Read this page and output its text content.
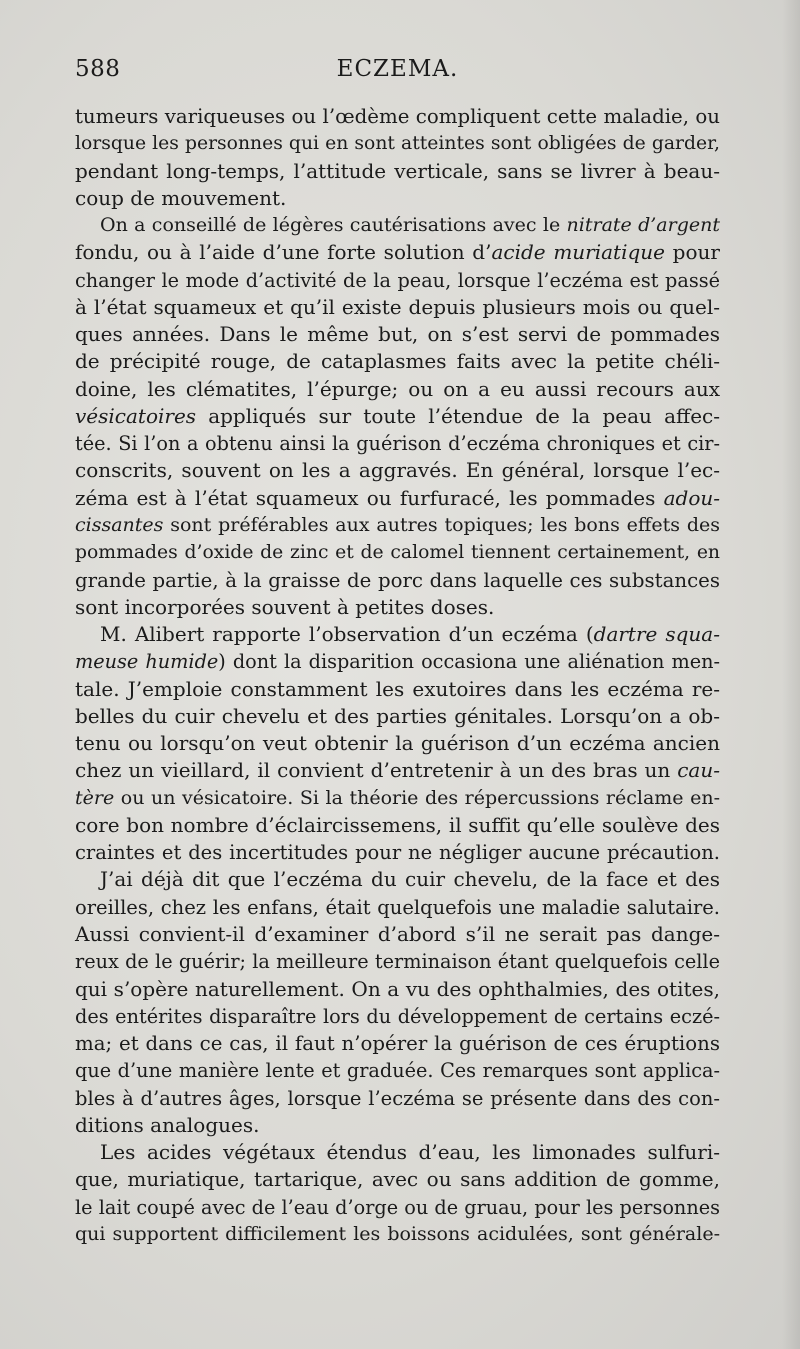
588	ECZEMA.
tumeurs variqueuses ou l’œdème compliquent cette maladie, ou
lorsque les personnes qui en sont atteintes sont obligées de garder,
pendant long-temps, l’attitude verticale, sans se livrer à beau-
coup de mouvement.
On a conseillé de légères cautérisations avec le nitrate d’argent
fondu, ou à l’aide d’une forte solution d’acide muriatique pour
changer le mode d’activité de la peau, lorsque l’eczéma est passé
à l’état squameux et qu’il existe depuis plusieurs mois ou quel-
ques années. Dans le même but, on s’est servi de pommades
de précipité rouge, de cataplasmes faits avec la petite chéli-
doine, les clématites, l’épurge; ou on a eu aussi recours aux
vésicatoires appliqués sur toute l’étendue de la peau affec-
tée. Si l’on a obtenu ainsi la guérison d’eczéma chroniques et cir-
conscrits, souvent on les a aggravés. En général, lorsque l’ec-
zéma est à l’état squameux ou furfuracé, les pommades adou-
cissantes sont préférables aux autres topiques; les bons effets des
pommades d’oxide de zinc et de calomel tiennent certainement, en
grande partie, à la graisse de porc dans laquelle ces substances
sont incorporées souvent à petites doses.
M. Alibert rapporte l’observation d’un eczéma (dartre squa-
meuse humide) dont la disparition occasiona une aliénation men-
tale. J’emploie constamment les exutoires dans les eczéma re-
belles du cuir chevelu et des parties génitales. Lorsqu’on a ob-
tenu ou lorsqu’on veut obtenir la guérison d’un eczéma ancien
chez un vieillard, il convient d’entretenir à un des bras un cau-
tère ou un vésicatoire. Si la théorie des répercussions réclame en-
core bon nombre d’éclaircissemens, il suffit qu’elle soulève des
craintes et des incertitudes pour ne négliger aucune précaution.
J’ai déjà dit que l’eczéma du cuir chevelu, de la face et des
oreilles, chez les enfans, était quelquefois une maladie salutaire.
Aussi convient-il d’examiner d’abord s’il ne serait pas dange-
reux de le guérir; la meilleure terminaison étant quelquefois celle
qui s’opère naturellement. On a vu des ophthalmies, des otites,
des entérites disparaître lors du développement de certains eczé-
ma; et dans ce cas, il faut n’opérer la guérison de ces éruptions
que d’une manière lente et graduée. Ces remarques sont applica-
bles à d’autres âges, lorsque l’eczéma se présente dans des con-
ditions analogues.
Les acides végétaux étendus d’eau, les limonades sulfuri-
que, muriatique, tartarique, avec ou sans addition de gomme,
le lait coupé avec de l’eau d’orge ou de gruau, pour les personnes
qui supportent difficilement les boissons acidulées, sont générale-
